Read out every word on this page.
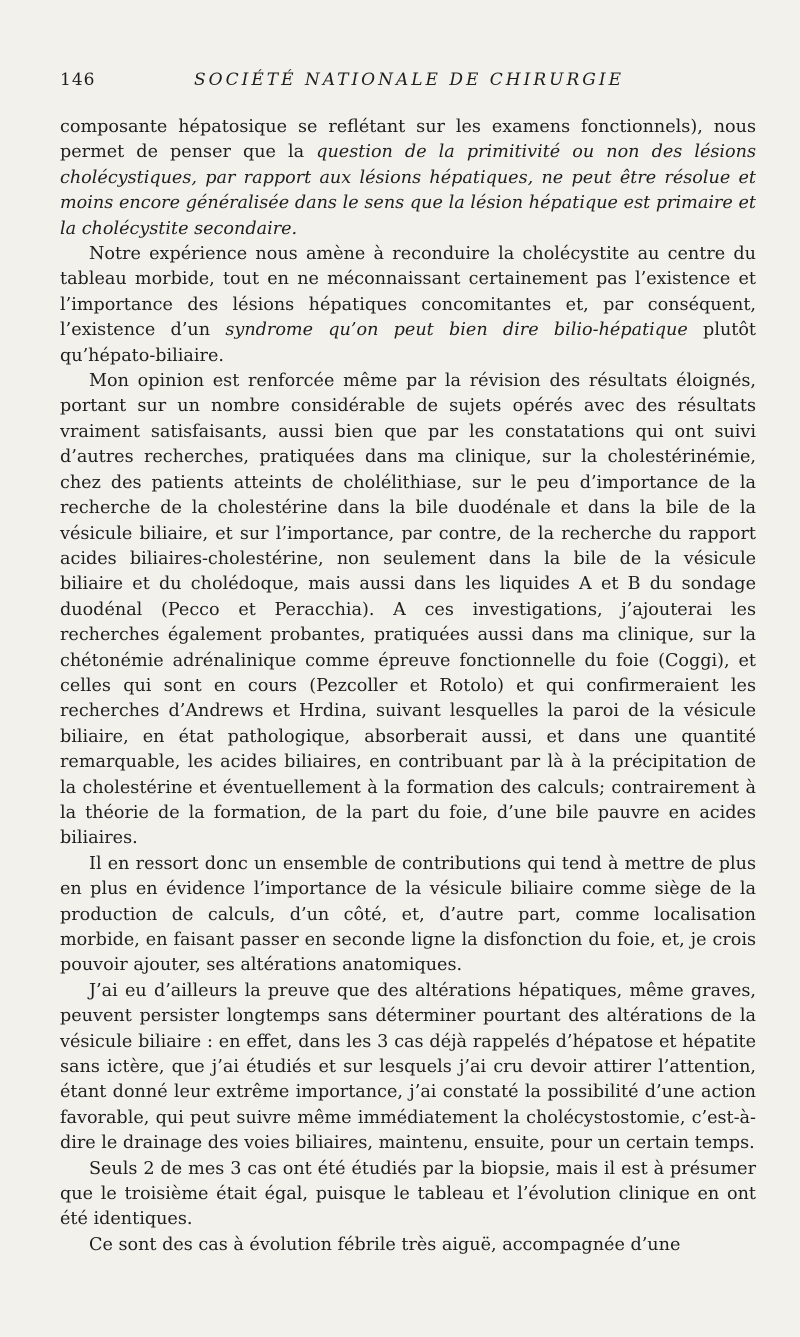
146	SOCIÉTÉ NATIONALE DE CHIRURGIE

composante hépatosique se reflétant sur les examens fonctionnels), nous permet de penser que la question de la primitivité ou non des lésions cholécystiques, par rapport aux lésions hépatiques, ne peut être résolue et moins encore généralisée dans le sens que la lésion hépatique est primaire et la cholécystite secondaire.

Notre expérience nous amène à reconduire la cholécystite au centre du tableau morbide, tout en ne méconnaissant certainement pas l’existence et l’importance des lésions hépatiques concomitantes et, par conséquent, l’existence d’un syndrome qu’on peut bien dire bilio-hépatique plutôt qu’hépato-biliaire.

Mon opinion est renforcée même par la révision des résultats éloignés, portant sur un nombre considérable de sujets opérés avec des résultats vraiment satisfaisants, aussi bien que par les constatations qui ont suivi d’autres recherches, pratiquées dans ma clinique, sur la cholestérinémie, chez des patients atteints de cholélithiase, sur le peu d’importance de la recherche de la cholestérine dans la bile duodénale et dans la bile de la vésicule biliaire, et sur l’importance, par contre, de la recherche du rapport acides biliaires-cholestérine, non seulement dans la bile de la vésicule biliaire et du cholédoque, mais aussi dans les liquides A et B du sondage duodénal (Pecco et Peracchia). A ces investigations, j’ajouterai les recherches également probantes, pratiquées aussi dans ma clinique, sur la chétonémie adrénalinique comme épreuve fonctionnelle du foie (Coggi), et celles qui sont en cours (Pezcoller et Rotolo) et qui confirmeraient les recherches d’Andrews et Hrdina, suivant lesquelles la paroi de la vésicule biliaire, en état pathologique, absorberait aussi, et dans une quantité remarquable, les acides biliaires, en contribuant par là à la précipitation de la cholestérine et éventuellement à la formation des calculs; contrairement à la théorie de la formation, de la part du foie, d’une bile pauvre en acides biliaires.

Il en ressort donc un ensemble de contributions qui tend à mettre de plus en plus en évidence l’importance de la vésicule biliaire comme siège de la production de calculs, d’un côté, et, d’autre part, comme localisation morbide, en faisant passer en seconde ligne la disfonction du foie, et, je crois pouvoir ajouter, ses altérations anatomiques.

J’ai eu d’ailleurs la preuve que des altérations hépatiques, même graves, peuvent persister longtemps sans déterminer pourtant des altérations de la vésicule biliaire : en effet, dans les 3 cas déjà rappelés d’hépatose et hépatite sans ictère, que j’ai étudiés et sur lesquels j’ai cru devoir attirer l’attention, étant donné leur extrême importance, j’ai constaté la possibilité d’une action favorable, qui peut suivre même immédiatement la cholécystostomie, c’est-à-dire le drainage des voies biliaires, maintenu, ensuite, pour un certain temps.

Seuls 2 de mes 3 cas ont été étudiés par la biopsie, mais il est à présumer que le troisième était égal, puisque le tableau et l’évolution clinique en ont été identiques.

Ce sont des cas à évolution fébrile très aiguë, accompagnée d’une
